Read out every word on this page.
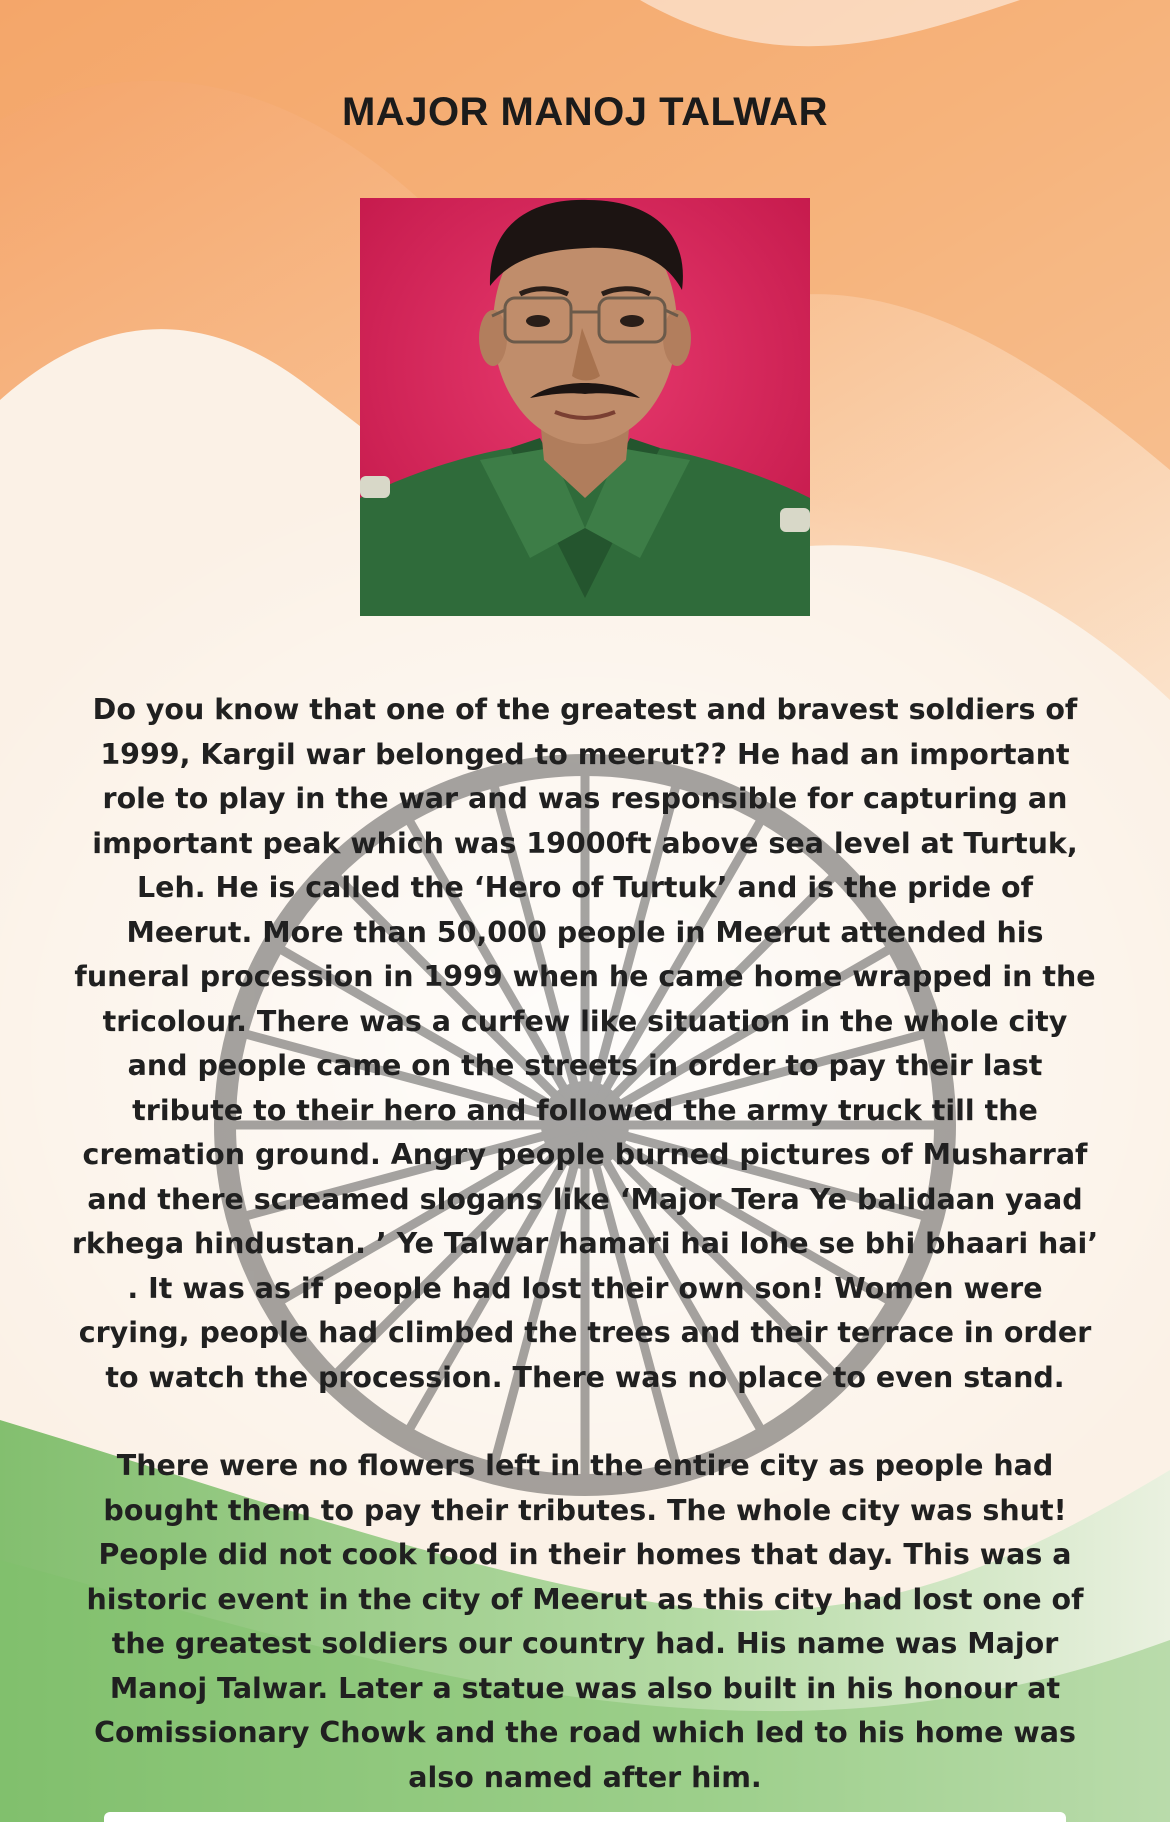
MAJOR MANOJ TALWAR

Do you know that one of the greatest and bravest soldiers of 1999, Kargil war belonged to meerut?? He had an important role to play in the war and was responsible for capturing an important peak which was 19000ft above sea level at Turtuk, Leh. He is called the ‘Hero of Turtuk’ and is the pride of Meerut. More than 50,000 people in Meerut attended his funeral procession in 1999 when he came home wrapped in the tricolour. There was a curfew like situation in the whole city and people came on the streets in order to pay their last tribute to their hero and followed the army truck till the cremation ground. Angry people burned pictures of Musharraf and there screamed slogans like ‘Major Tera Ye balidaan yaad rkhega hindustan. ’ Ye Talwar hamari hai lohe se bhi bhaari hai’ . It was as if people had lost their own son! Women were crying, people had climbed the trees and their terrace in order to watch the procession. There was no place to even stand.

There were no flowers left in the entire city as people had bought them to pay their tributes. The whole city was shut! People did not cook food in their homes that day. This was a historic event in the city of Meerut as this city had lost one of the greatest soldiers our country had. His name was Major Manoj Talwar. Later a statue was also built in his honour at Comissionary Chowk and the road which led to his home was also named after him.
